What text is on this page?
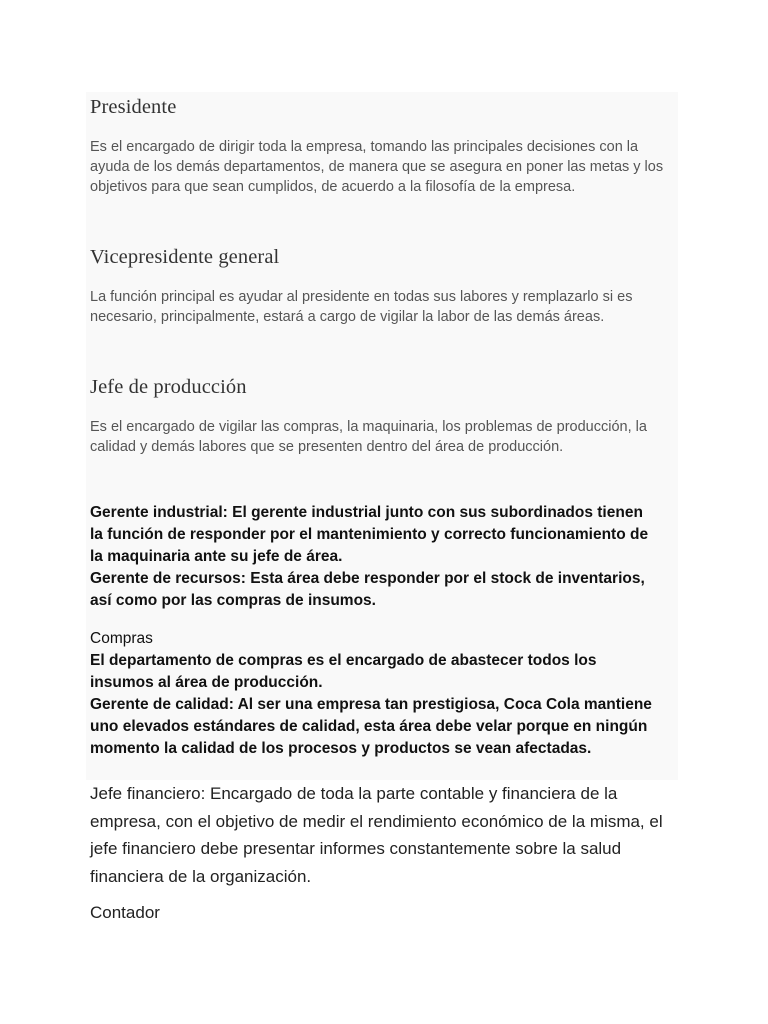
Presidente

Es el encargado de dirigir toda la empresa, tomando las principales decisiones con la ayuda de los demás departamentos, de manera que se asegura en poner las metas y los objetivos para que sean cumplidos, de acuerdo a la filosofía de la empresa.

Vicepresidente general

La función principal es ayudar al presidente en todas sus labores y remplazarlo si es necesario, principalmente, estará a cargo de vigilar la labor de las demás áreas.

Jefe de producción

Es el encargado de vigilar las compras, la maquinaria, los problemas de producción, la calidad y demás labores que se presenten dentro del área de producción.

Gerente industrial: El gerente industrial junto con sus subordinados tienen la función de responder por el mantenimiento y correcto funcionamiento de la maquinaria ante su jefe de área.

Gerente de recursos: Esta área debe responder por el stock de inventarios, así como por las compras de insumos.

Compras

El departamento de compras es el encargado de abastecer todos los insumos al área de producción.

Gerente de calidad: Al ser una empresa tan prestigiosa, Coca Cola mantiene uno elevados estándares de calidad, esta área debe velar porque en ningún momento la calidad de los procesos y productos se vean afectadas.

Jefe financiero: Encargado de toda la parte contable y financiera de la empresa, con el objetivo de medir el rendimiento económico de la misma, el jefe financiero debe presentar informes constantemente sobre la salud financiera de la organización.

Contador
